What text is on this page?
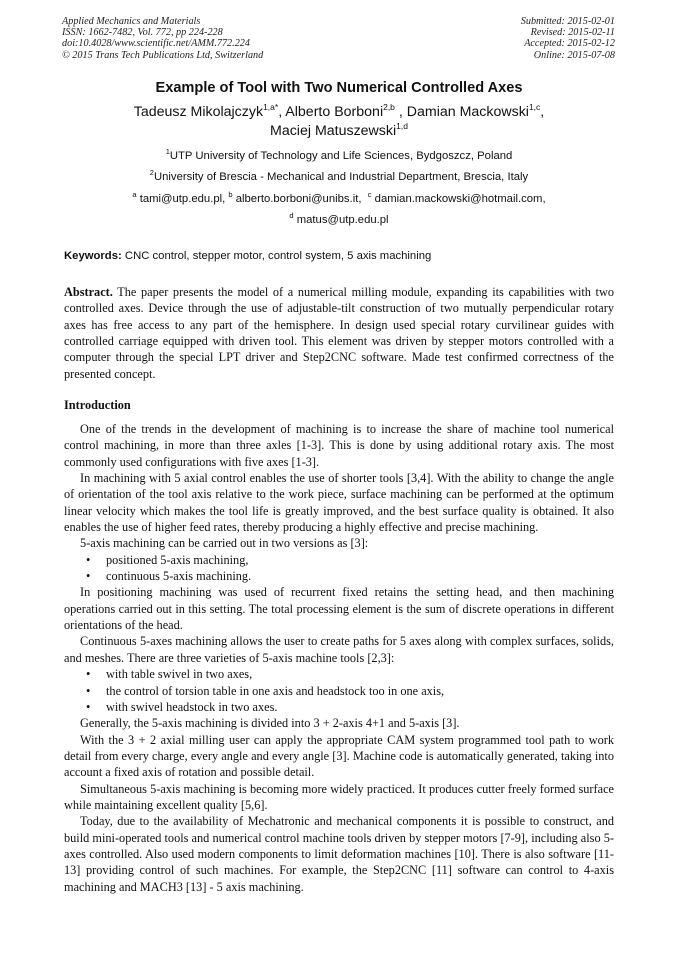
Applied Mechanics and Materials
ISSN: 1662-7482, Vol. 772, pp 224-228
doi:10.4028/www.scientific.net/AMM.772.224
© 2015 Trans Tech Publications Ltd, Switzerland
Submitted: 2015-02-01
Revised: 2015-02-11
Accepted: 2015-02-12
Online: 2015-07-08
Example of Tool with Two Numerical Controlled Axes
Tadeusz Mikolajczyk$^{1,a*}$, Alberto Borboni$^{2,b}$ , Damian Mackowski$^{1,c}$,
Maciej Matuszewski$^{1,d}$
$^1$UTP University of Technology and Life Sciences, Bydgoszcz, Poland
$^2$University of Brescia - Mechanical and Industrial Department, Brescia, Italy
$^a$ tami@utp.edu.pl, $^b$ alberto.borboni@unibs.it, $^c$ damian.mackowski@hotmail.com,
$^d$ matus@utp.edu.pl
Keywords: CNC control, stepper motor, control system, 5 axis machining

Abstract. The paper presents the model of a numerical milling module, expanding its capabilities with two controlled axes. Device through the use of adjustable-tilt construction of two mutually perpendicular rotary axes has free access to any part of the hemisphere. In design used special rotary curvilinear guides with controlled carriage equipped with driven tool. This element was driven by stepper motors controlled with a computer through the special LPT driver and Step2CNC software. Made test confirmed correctness of the presented concept.

Introduction

One of the trends in the development of machining is to increase the share of machine tool numerical control machining, in more than three axles [1-3]. This is done by using additional rotary axis. The most commonly used configurations with five axes [1-3].

In machining with 5 axial control enables the use of shorter tools [3,4]. With the ability to change the angle of orientation of the tool axis relative to the work piece, surface machining can be performed at the optimum linear velocity which makes the tool life is greatly improved, and the best surface quality is obtained. It also enables the use of higher feed rates, thereby producing a highly effective and precise machining.

5-axis machining can be carried out in two versions as [3]:

• positioned 5-axis machining,
• continuous 5-axis machining.

In positioning machining was used of recurrent fixed retains the setting head, and then machining operations carried out in this setting. The total processing element is the sum of discrete operations in different orientations of the head.

Continuous 5-axes machining allows the user to create paths for 5 axes along with complex surfaces, solids, and meshes. There are three varieties of 5-axis machine tools [2,3]:

• with table swivel in two axes,
• the control of torsion table in one axis and headstock too in one axis,
• with swivel headstock in two axes.

Generally, the 5-axis machining is divided into 3 + 2-axis 4+1 and 5-axis [3].

With the 3 + 2 axial milling user can apply the appropriate CAM system programmed tool path to work detail from every charge, every angle and every angle [3]. Machine code is automatically generated, taking into account a fixed axis of rotation and possible detail.

Simultaneous 5-axis machining is becoming more widely practiced. It produces cutter freely formed surface while maintaining excellent quality [5,6].

Today, due to the availability of Mechatronic and mechanical components it is possible to construct, and build mini-operated tools and numerical control machine tools driven by stepper motors [7-9], including also 5-axes controlled. Also used modern components to limit deformation machines [10]. There is also software [11- 13] providing control of such machines. For example, the Step2CNC [11] software can control to 4-axis machining and MACH3 [13] - 5 axis machining.
